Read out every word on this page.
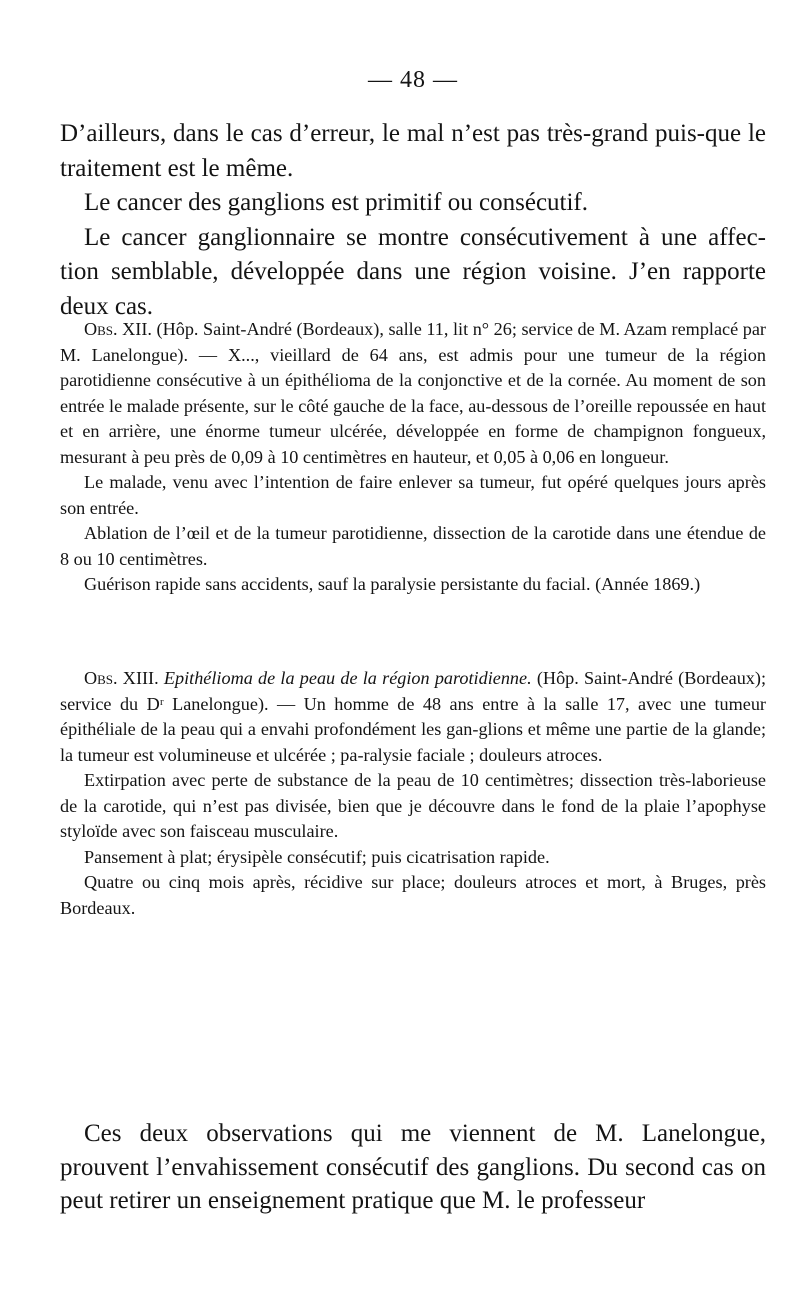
— 48 —

D’ailleurs, dans le cas d’erreur, le mal n’est pas très-grand puis-que le traitement est le même.

Le cancer des ganglions est primitif ou consécutif.

Le cancer ganglionnaire se montre consécutivement à une affec-tion semblable, développée dans une région voisine. J’en rapporte deux cas.

Obs. XII. (Hôp. Saint-André (Bordeaux), salle 11, lit n° 26; service de M. Azam remplacé par M. Lanelongue). — X..., vieillard de 64 ans, est admis pour une tumeur de la région parotidienne consécutive à un épithélioma de la conjonctive et de la cornée. Au moment de son entrée le malade présente, sur le côté gauche de la face, au-dessous de l’oreille repoussée en haut et en arrière, une énorme tumeur ulcérée, développée en forme de champignon fongueux, mesurant à peu près de 0,09 à 10 centimètres en hauteur, et 0,05 à 0,06 en longueur.

Le malade, venu avec l’intention de faire enlever sa tumeur, fut opéré quelques jours après son entrée.

Ablation de l’œil et de la tumeur parotidienne, dissection de la carotide dans une étendue de 8 ou 10 centimètres.

Guérison rapide sans accidents, sauf la paralysie persistante du facial. (Année 1869.)

Obs. XIII. Epithélioma de la peau de la région parotidienne. (Hôp. Saint-André (Bordeaux); service du Dʳ Lanelongue). — Un homme de 48 ans entre à la salle 17, avec une tumeur épithéliale de la peau qui a envahi profondément les gan-glions et même une partie de la glande; la tumeur est volumineuse et ulcérée ; pa-ralysie faciale ; douleurs atroces.

Extirpation avec perte de substance de la peau de 10 centimètres; dissection très-laborieuse de la carotide, qui n’est pas divisée, bien que je découvre dans le fond de la plaie l’apophyse styloïde avec son faisceau musculaire.

Pansement à plat; érysipèle consécutif; puis cicatrisation rapide.

Quatre ou cinq mois après, récidive sur place; douleurs atroces et mort, à Bruges, près Bordeaux.

Ces deux observations qui me viennent de M. Lanelongue, prouvent l’envahissement consécutif des ganglions. Du second cas on peut retirer un enseignement pratique que M. le professeur
